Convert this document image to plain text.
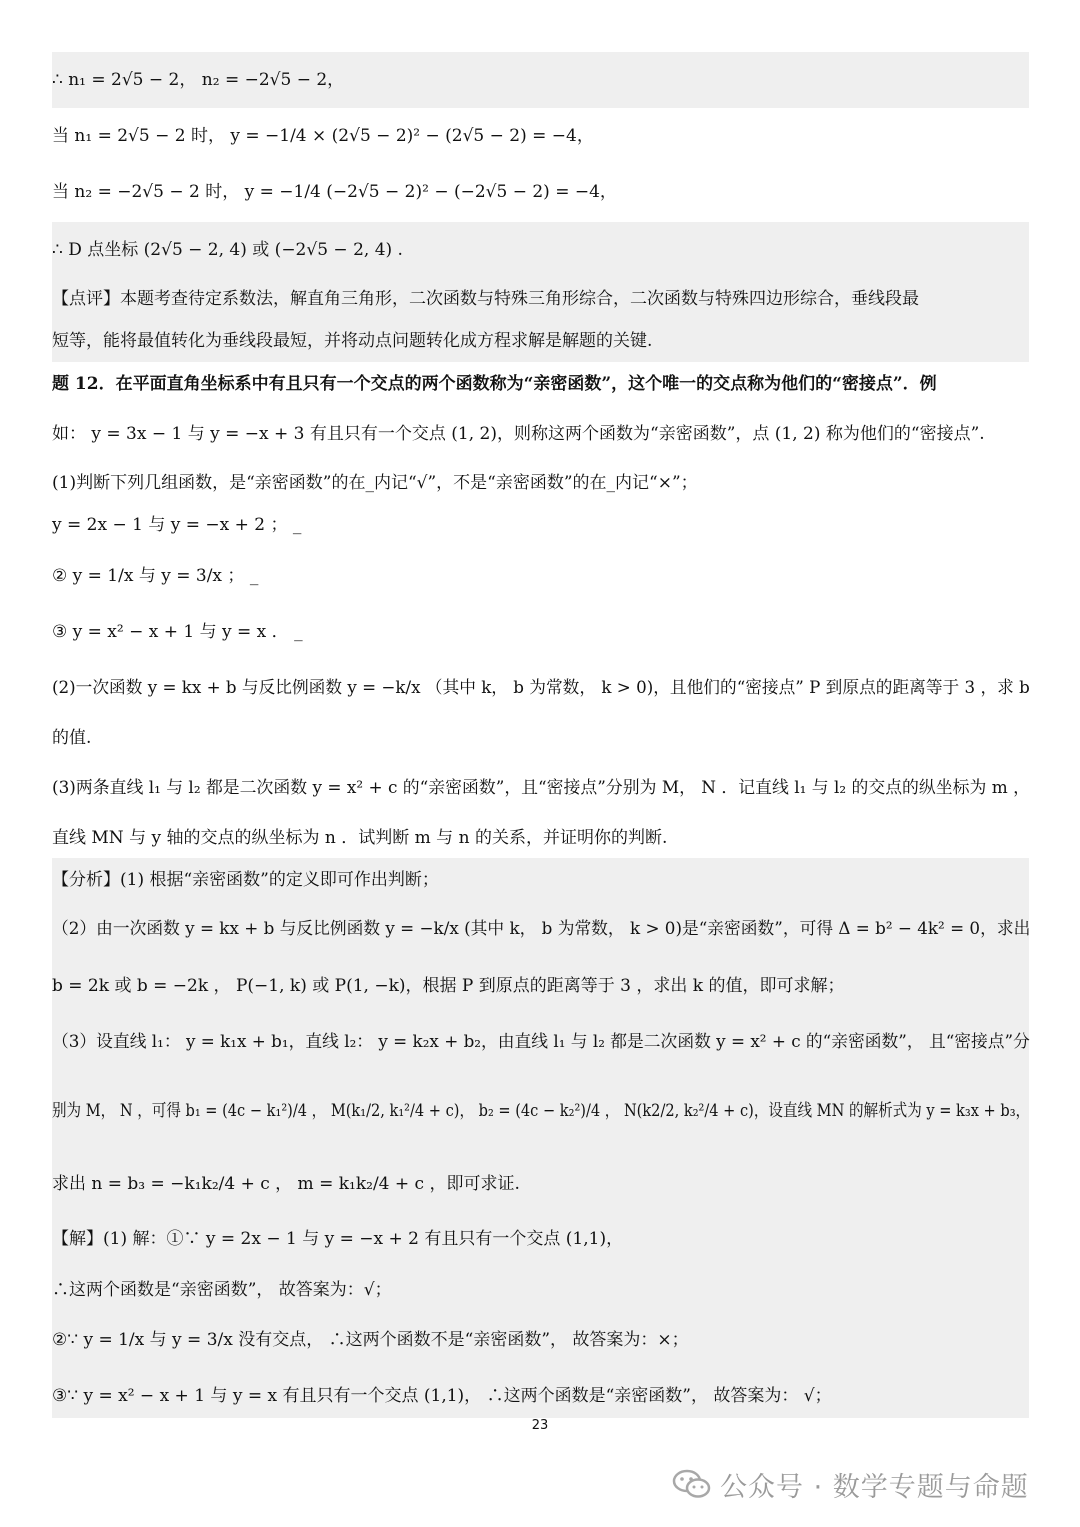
∴ n₁ = 2√5 − 2， n₂ = −2√5 − 2，
当 n₁ = 2√5 − 2 时， y = −1/4 × (2√5 − 2)² − (2√5 − 2) = −4，
当 n₂ = −2√5 − 2 时， y = −1/4 (−2√5 − 2)² − (−2√5 − 2) = −4，
∴ D 点坐标 (2√5 − 2, 4) 或 (−2√5 − 2, 4) .
【点评】本题考查待定系数法，解直角三角形，二次函数与特殊三角形综合，二次函数与特殊四边形综合，垂线段最
短等，能将最值转化为垂线段最短，并将动点问题转化成方程求解是解题的关键.
题 12．在平面直角坐标系中有且只有一个交点的两个函数称为“亲密函数”，这个唯一的交点称为他们的“密接点”．例
如： y = 3x − 1 与 y = −x + 3 有且只有一个交点 (1, 2)，则称这两个函数为“亲密函数”，点 (1, 2) 称为他们的“密接点”.
(1)判断下列几组函数，是“亲密函数”的在_内记“√”，不是“亲密函数”的在_内记“×”；
y = 2x − 1 与 y = −x + 2 ； _
② y = 1/x 与 y = 3/x ； _
③ y = x² − x + 1 与 y = x ． _
(2)一次函数 y = kx + b 与反比例函数 y = −k/x （其中 k， b 为常数， k > 0)，且他们的“密接点” P 到原点的距离等于 3 ，求 b
的值.
(3)两条直线 l₁ 与 l₂ 都是二次函数 y = x² + c 的“亲密函数”，且“密接点”分别为 M， N ．记直线 l₁ 与 l₂ 的交点的纵坐标为 m ，
直线 MN 与 y 轴的交点的纵坐标为 n ．试判断 m 与 n 的关系，并证明你的判断.
【分析】(1) 根据“亲密函数”的定义即可作出判断；
（2）由一次函数 y = kx + b 与反比例函数 y = −k/x (其中 k， b 为常数， k > 0)是“亲密函数”，可得 Δ = b² − 4k² = 0，求出
b = 2k 或 b = −2k ， P(−1, k) 或 P(1, −k)，根据 P 到原点的距离等于 3 ，求出 k 的值，即可求解；
（3）设直线 l₁： y = k₁x + b₁，直线 l₂： y = k₂x + b₂，由直线 l₁ 与 l₂ 都是二次函数 y = x² + c 的“亲密函数”， 且“密接点”分
别为 M， N ，可得 b₁ = (4c − k₁²)/4 ， M(k₁/2, k₁²/4 + c)， b₂ = (4c − k₂²)/4 ， N(k2/2, k₂²/4 + c)，设直线 MN 的解析式为 y = k₃x + b₃，
求出 n = b₃ = −k₁k₂/4 + c ， m = k₁k₂/4 + c ，即可求证.
【解】(1) 解：①∵ y = 2x − 1 与 y = −x + 2 有且只有一个交点 (1,1)，
∴这两个函数是“亲密函数”， 故答案为：√；
②∵ y = 1/x 与 y = 3/x 没有交点， ∴这两个函数不是“亲密函数”， 故答案为：×；
③∵ y = x² − x + 1 与 y = x 有且只有一个交点 (1,1)， ∴这两个函数是“亲密函数”， 故答案为： √；
23
公众号 · 数学专题与命题
